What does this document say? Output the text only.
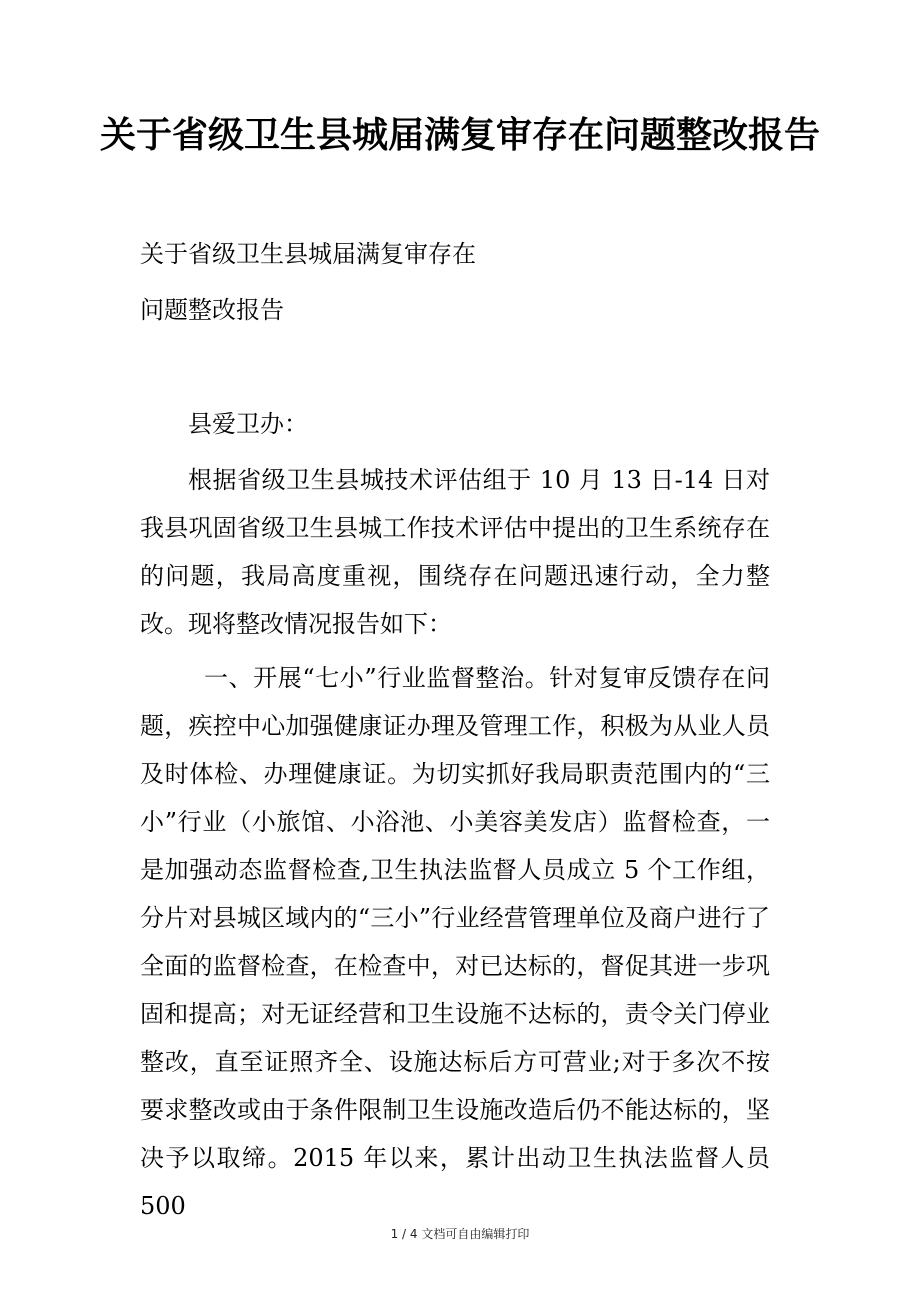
关于省级卫生县城届满复审存在问题整改报告

关于省级卫生县城届满复审存在

问题整改报告

县爱卫办：

根据省级卫生县城技术评估组于 10 月 13 日-14 日对我县巩固省级卫生县城工作技术评估中提出的卫生系统存在的问题，我局高度重视，围绕存在问题迅速行动，全力整改。现将整改情况报告如下：

一、开展“七小”行业监督整治。针对复审反馈存在问题，疾控中心加强健康证办理及管理工作，积极为从业人员及时体检、办理健康证。为切实抓好我局职责范围内的“三小”行业（小旅馆、小浴池、小美容美发店）监督检查，一是加强动态监督检查,卫生执法监督人员成立 5 个工作组，分片对县城区域内的“三小”行业经营管理单位及商户进行了全面的监督检查，在检查中，对已达标的，督促其进一步巩固和提高；对无证经营和卫生设施不达标的，责令关门停业整改，直至证照齐全、设施达标后方可营业;对于多次不按要求整改或由于条件限制卫生设施改造后仍不能达标的，坚决予以取缔。2015 年以来，累计出动卫生执法监督人员 500

1 / 4 文档可自由编辑打印
